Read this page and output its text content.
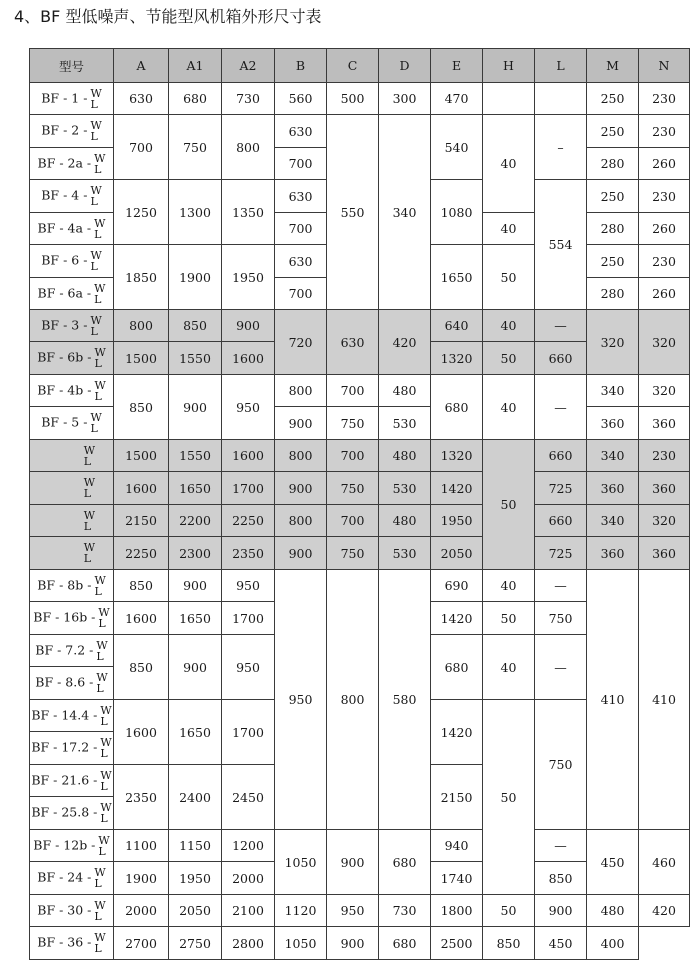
4、BF 型低噪声、节能型风机箱外形尺寸表
型号	A	A1	A2	B	C	D	E	H	L	M	N
BF - 1 - W
L	630	680	730	560	500	300	470			250	230
BF - 2 - W
L	700	750	800	630	550	340	540	40	–	250	230
BF - 2a - W
L				700						280	260
BF - 4 - W
L	1250	1300	1350	630			1080		554	250	230
BF - 4a - W
L				700				40		280	260
BF - 6 - W
L	1850	1900	1950	630			1650	50		250	230
BF - 6a - W
L				700						280	260
BF - 3 - W
L	800	850	900	720	630	420	640	40	—	320	320
BF - 6b - W
L	1500	1550	1600				1320	50	660		
BF - 4b - W
L	850	900	950	800	700	480	680	40	—	340	320
BF - 5 - W
L				900	750	530				360	360

W
L	1500	1550	1600	800	700	480	1320	50	660	340	230

W
L	1600	1650	1700	900	750	530	1420		725	360	360

W
L	2150	2200	2250	800	700	480	1950		660	340	320

W
L	2250	2300	2350	900	750	530	2050		725	360	360
BF - 8b - W
L	850	900	950	950	800	580	690	40	—	410	410
BF - 16b - W
L	1600	1650	1700				1420	50	750		
BF - 7.2 - W
L	850	900	950				680	40	—		
BF - 8.6 - W
L											

BF - 14.4 - W
L	1600	1650	1700				1420	50	750		
BF - 17.2 - W
L											

BF - 21.6 - W
L	2350	2400	2450				2150				
BF - 25.8 - W
L											

BF - 12b - W
L	1100	1150	1200	1050	900	680	940		—	450	460
BF - 24 - W
L	1900	1950	2000				1740		850		
BF - 30 - W
L	2000	2050	2100	1120	950	730	1800	50	900	480	420
BF - 36 - W
L	2700	2750	2800	1050	900	680	2500	850	450	400	
